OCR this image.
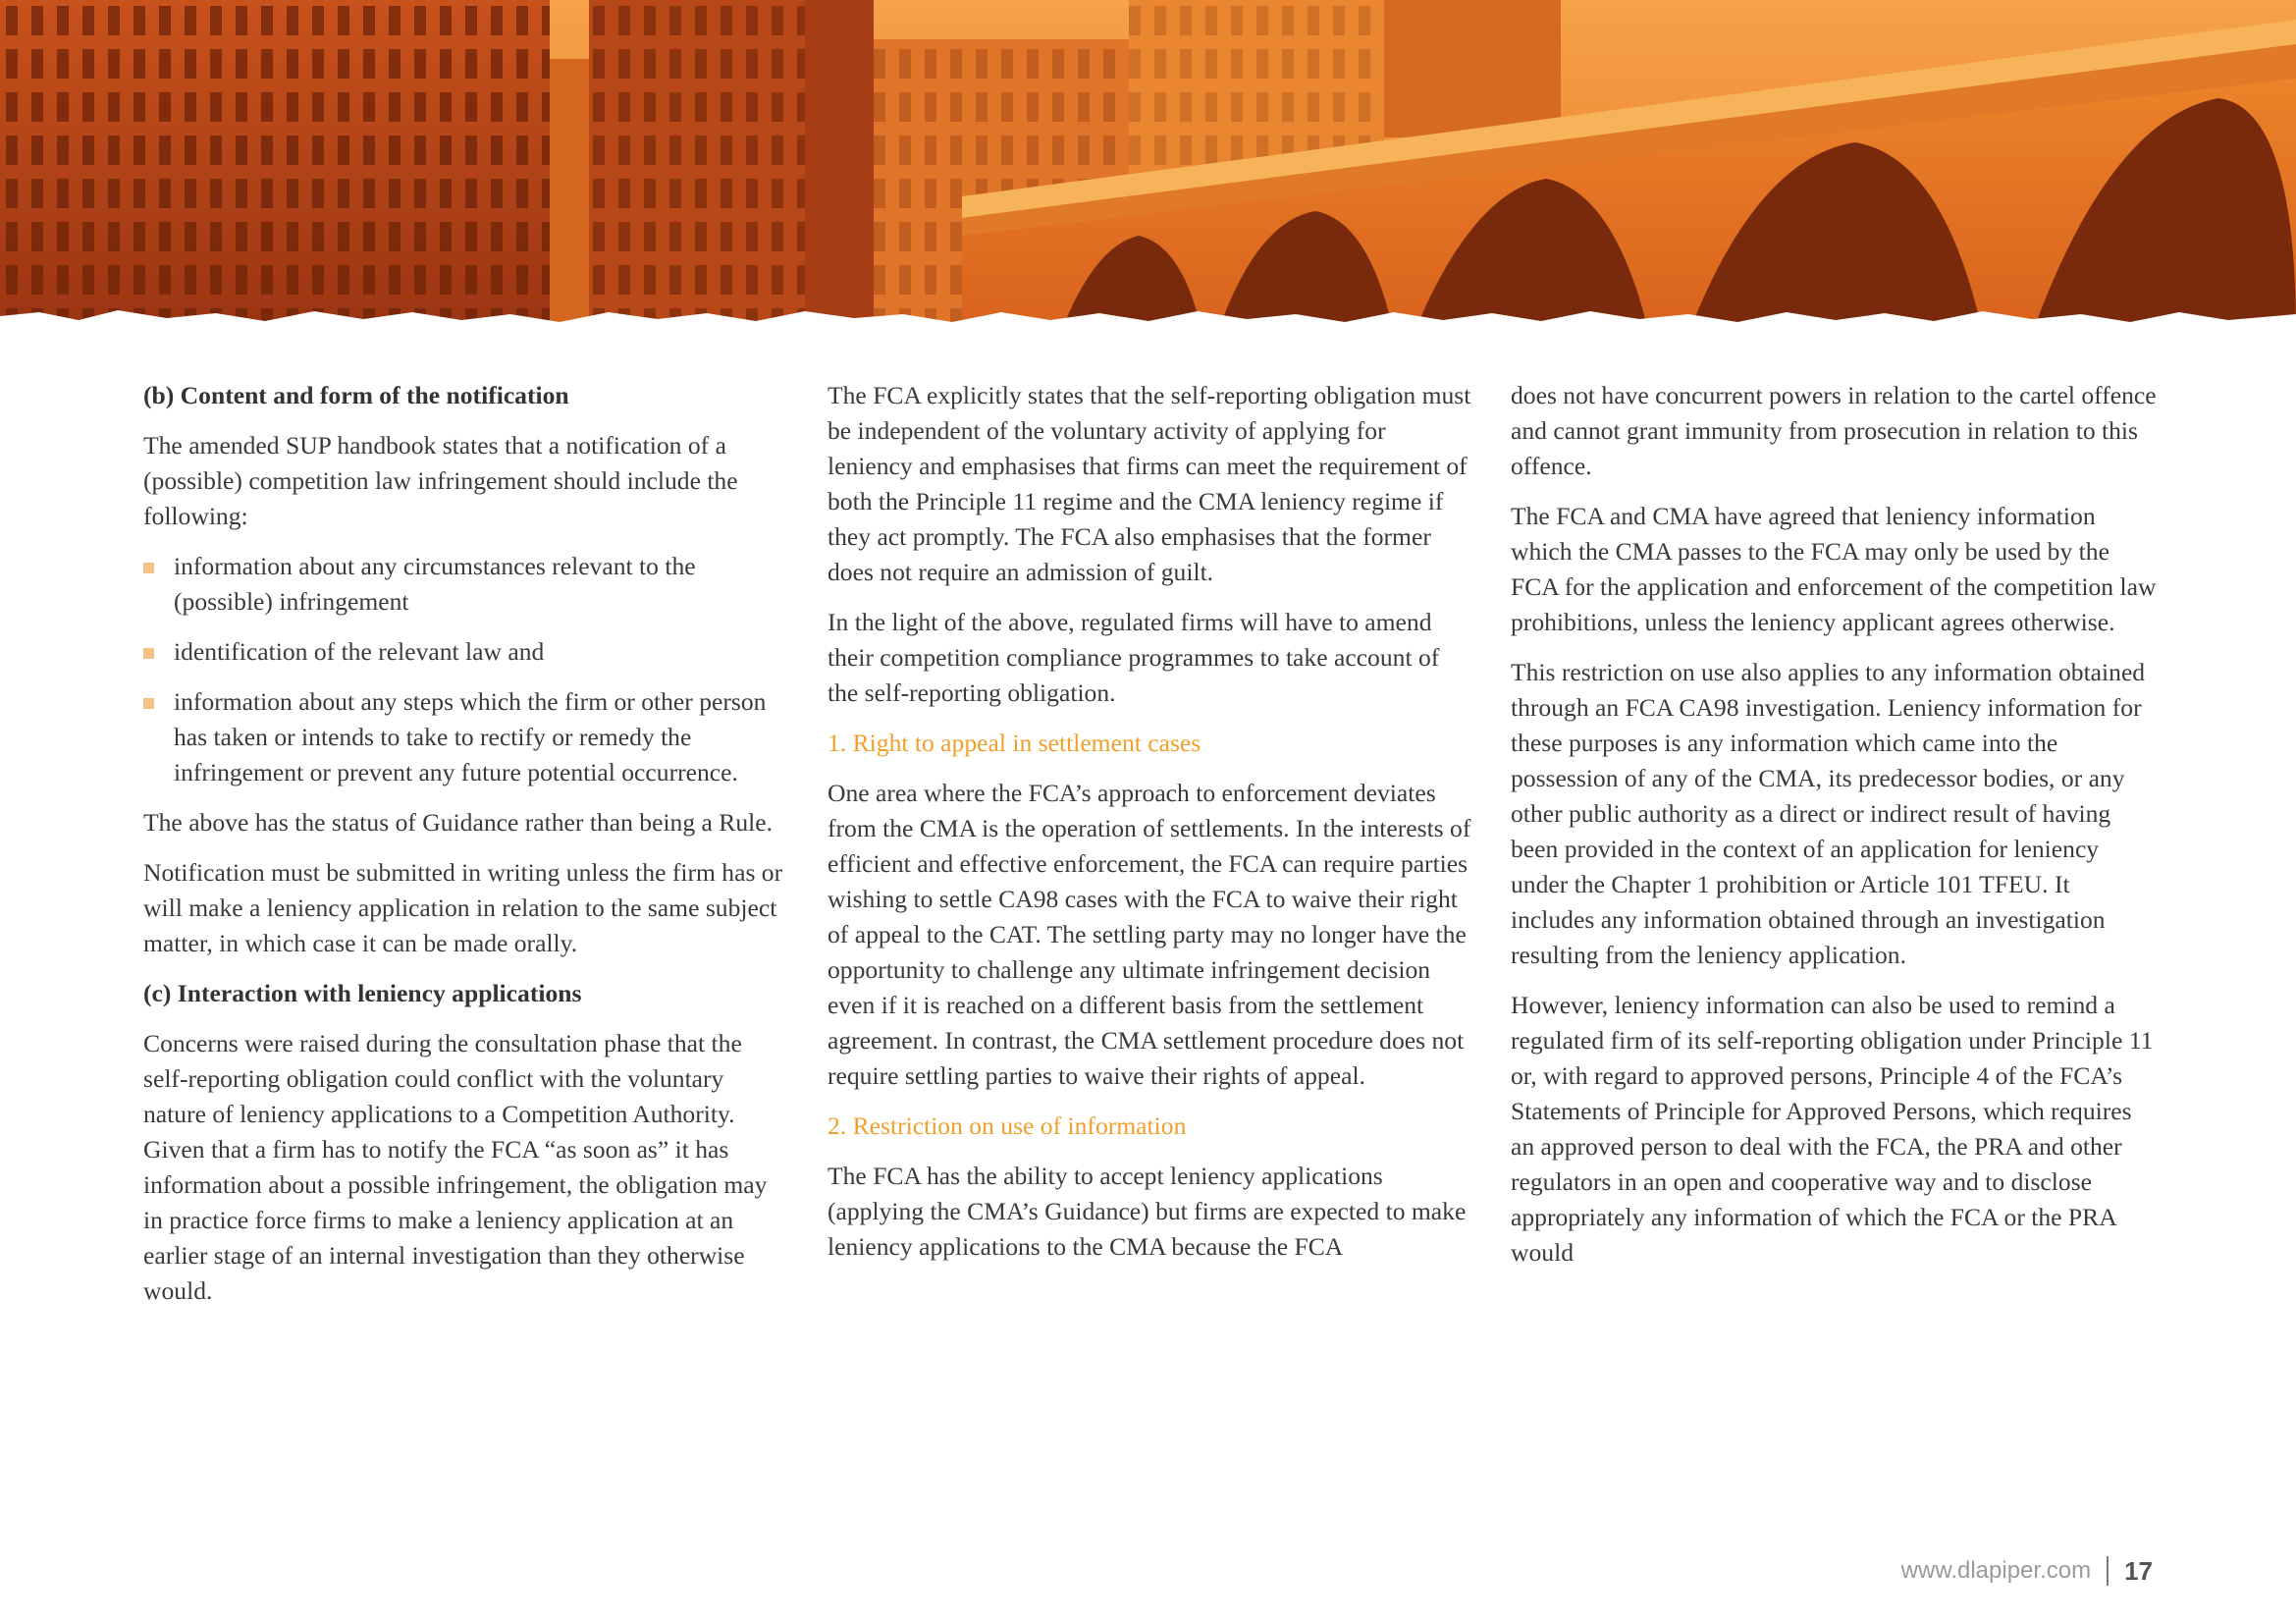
(b) Content and form of the notification

The amended SUP handbook states that a notification of a (possible) competition law infringement should include the following:

information about any circumstances relevant to the (possible) infringement
identification of the relevant law and
information about any steps which the firm or other person has taken or intends to take to rectify or remedy the infringement or prevent any future potential occurrence.

The above has the status of Guidance rather than being a Rule.

Notification must be submitted in writing unless the firm has or will make a leniency application in relation to the same subject matter, in which case it can be made orally.

(c) Interaction with leniency applications

Concerns were raised during the consultation phase that the self-reporting obligation could conflict with the voluntary nature of leniency applications to a Competition Authority. Given that a firm has to notify the FCA “as soon as” it has information about a possible infringement, the obligation may in practice force firms to make a leniency application at an earlier stage of an internal investigation than they otherwise would.

The FCA explicitly states that the self-reporting obligation must be independent of the voluntary activity of applying for leniency and emphasises that firms can meet the requirement of both the Principle 11 regime and the CMA leniency regime if they act promptly. The FCA also emphasises that the former does not require an admission of guilt.

In the light of the above, regulated firms will have to amend their competition compliance programmes to take account of the self-reporting obligation.

1. Right to appeal in settlement cases

One area where the FCA’s approach to enforcement deviates from the CMA is the operation of settlements. In the interests of efficient and effective enforcement, the FCA can require parties wishing to settle CA98 cases with the FCA to waive their right of appeal to the CAT. The settling party may no longer have the opportunity to challenge any ultimate infringement decision even if it is reached on a different basis from the settlement agreement. In contrast, the CMA settlement procedure does not require settling parties to waive their rights of appeal.

2. Restriction on use of information

The FCA has the ability to accept leniency applications (applying the CMA’s Guidance) but firms are expected to make leniency applications to the CMA because the FCA

does not have concurrent powers in relation to the cartel offence and cannot grant immunity from prosecution in relation to this offence.

The FCA and CMA have agreed that leniency information which the CMA passes to the FCA may only be used by the FCA for the application and enforcement of the competition law prohibitions, unless the leniency applicant agrees otherwise.

This restriction on use also applies to any information obtained through an FCA CA98 investigation. Leniency information for these purposes is any information which came into the possession of any of the CMA, its predecessor bodies, or any other public authority as a direct or indirect result of having been provided in the context of an application for leniency under the Chapter 1 prohibition or Article 101 TFEU. It includes any information obtained through an investigation resulting from the leniency application.

However, leniency information can also be used to remind a regulated firm of its self-reporting obligation under Principle 11 or, with regard to approved persons, Principle 4 of the FCA’s Statements of Principle for Approved Persons, which requires an approved person to deal with the FCA, the PRA and other regulators in an open and cooperative way and to disclose appropriately any information of which the FCA or the PRA would

www.dlapiper.com 17
